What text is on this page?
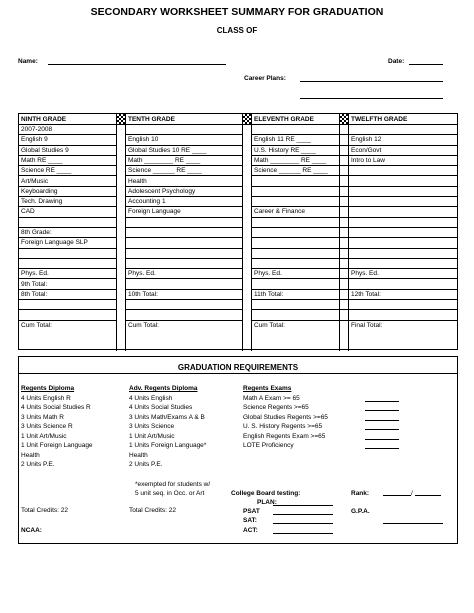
SECONDARY WORKSHEET SUMMARY FOR GRADUATION
CLASS OF
Name:	Date:
Career Plans:
NINTH GRADE
2007-2008
English 9
Global Studies 9
Math RE ____
Science RE ____
Art/Music
Keyboarding
Tech. Drawing
CAD
8th Grade:
Foreign Language SLP
Phys. Ed.
9th Total:
8th Total:
Cum Total:
TENTH GRADE
English 10
Global Studies 10 RE ____
Math ________ RE ____
Science ______ RE ____
Health
Adolescent Psychology
Accounting 1
Foreign Language
Phys. Ed.
10th Total:
Cum Total:
ELEVENTH GRADE
English 11 RE ____
U.S. History RE ____
Math ________ RE ____
Science ______ RE ____
Career & Finance
Phys. Ed.
11th Total:
Cum Total:
TWELFTH GRADE
English 12
Econ/Govt
Intro to Law
Phys. Ed.
12th Total:
Final Total:
GRADUATION REQUIREMENTS
Regents Diploma
4 Units English R
4 Units Social Studies R
3 Units Math R
3 Units Science R
1 Unit Art/Music
1 Unit Foreign Language
Health
2 Units P.E.
Total Credits: 22
Adv. Regents Diploma
4 Units English
4 Units Social Studies
3 Units Math/Exams A & B
3 Units Science
1 Unit Art/Music
1 Units Foreign Language*
Health
2 Units P.E.
*exempted for students w/
5 unit seq. in Occ. or Art
Total Credits: 22
Regents Exams
Math A Exam >= 65
Science Regents >=65
Global Studies Regents >=65
U. S. History Regents >=65
English Regents Exam >=65
LOTE Proficiency
College Board testing:
PLAN:
PSAT
SAT:
ACT:
Rank:	/
G.P.A.
NCAA:
